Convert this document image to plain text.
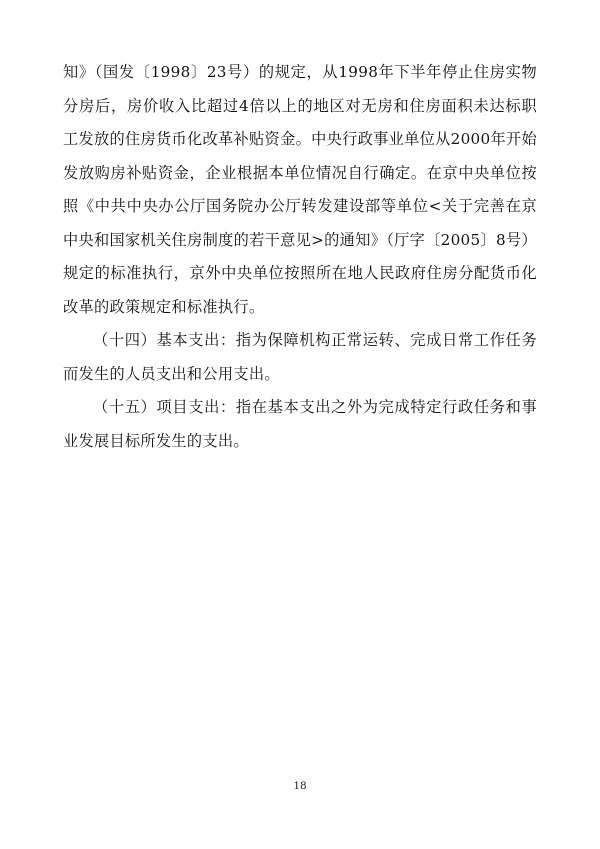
知》（国发〔1998〕23号）的规定，从1998年下半年停止住房实物分房后，房价收入比超过4倍以上的地区对无房和住房面积未达标职工发放的住房货币化改革补贴资金。中央行政事业单位从2000年开始发放购房补贴资金，企业根据本单位情况自行确定。在京中央单位按照《中共中央办公厅国务院办公厅转发建设部等单位<关于完善在京中央和国家机关住房制度的若干意见>的通知》（厅字〔2005〕8号）规定的标准执行，京外中央单位按照所在地人民政府住房分配货币化改革的政策规定和标准执行。

（十四）基本支出：指为保障机构正常运转、完成日常工作任务而发生的人员支出和公用支出。

（十五）项目支出：指在基本支出之外为完成特定行政任务和事业发展目标所发生的支出。

18
